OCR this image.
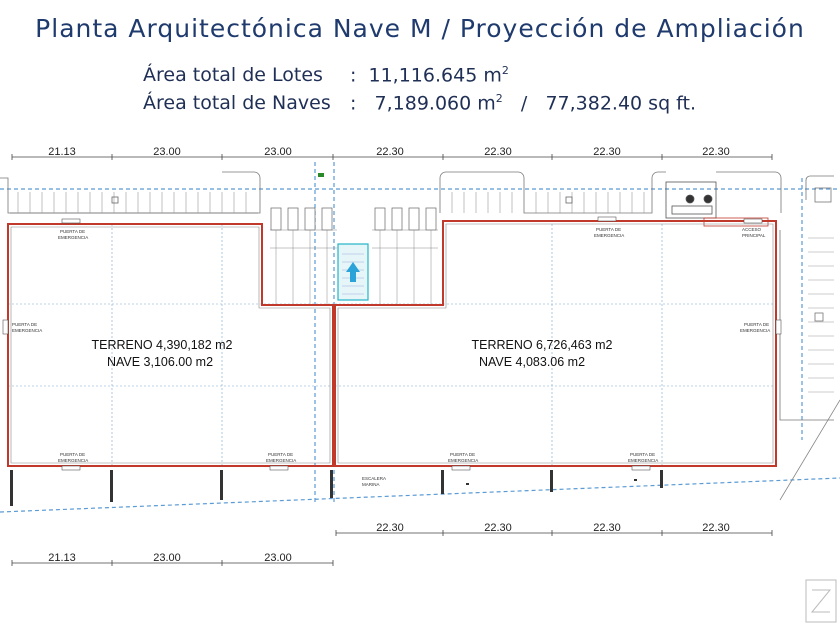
Planta Arquitectónica Nave M / Proyección de Ampliación
Área total de Lotes : 11,116.645 $m^2$
Área total de Naves : 7,189.060 $m^2 / 77,382.40$ sq ft.
21.13	23.00	23.00	22.30	22.30	22.30	22.30
PUERTA DE
EMERGENCIA
PUERTA DE
EMERGENCIA
ACCESO
PRINCIPAL
PUERTA DE
EMERGENCIA
PUERTA DE
EMERGENCIA
PUERTA DE
EMERGENCIA
PUERTA DE
EMERGENCIA
PUERTA DE
EMERGENCIA
PUERTA DE
EMERGENCIA
ESCALERA
MARINA
TERRENO 4,390,182 m2
NAVE 3,106.00 m2
TERRENO 6,726,463 m2
NAVE 4,083.06 m2
22.30	22.30	22.30	22.30
21.13	23.00	23.00
